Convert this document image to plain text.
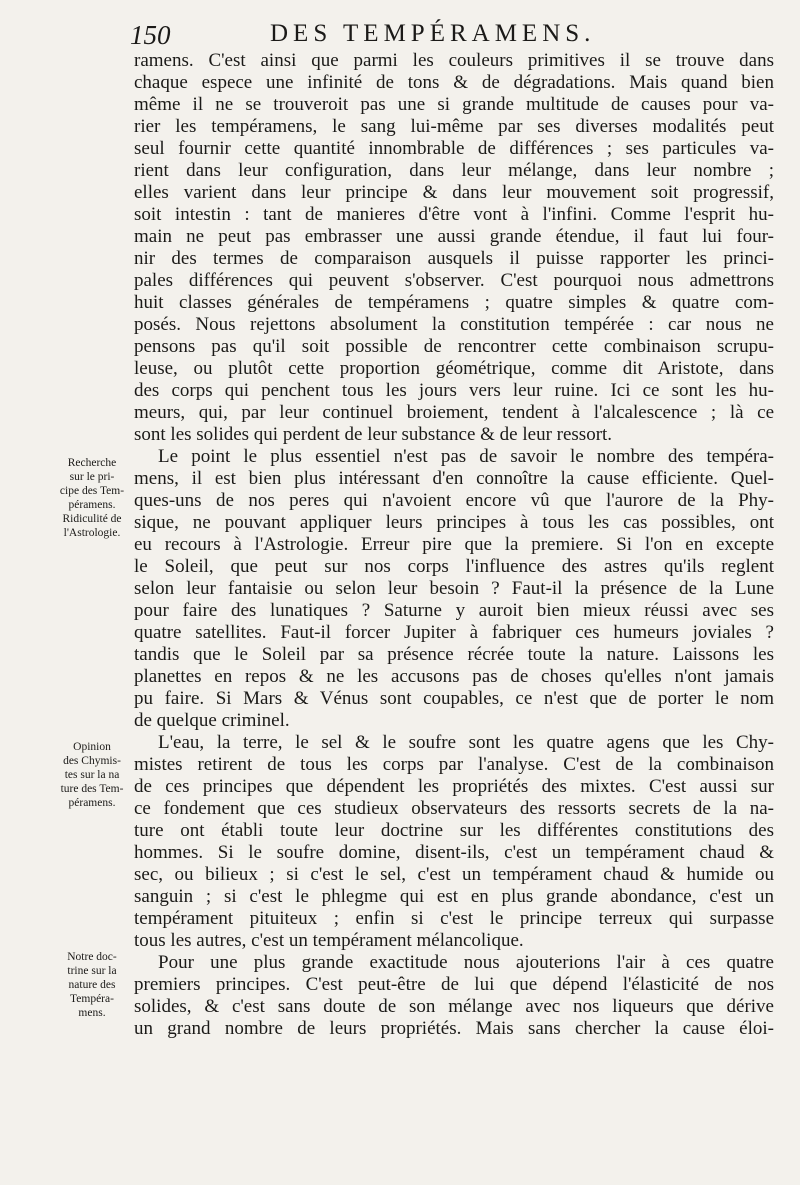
150	DES TEMPÉRAMENS.
ramens. C'est ainsi que parmi les couleurs primitives il se trouve dans
chaque espece une infinité de tons & de dégradations. Mais quand bien
même il ne se trouveroit pas une si grande multitude de causes pour va-
rier les tempéramens, le sang lui-même par ses diverses modalités peut
seul fournir cette quantité innombrable de différences ; ses particules va-
rient dans leur configuration, dans leur mélange, dans leur nombre ;
elles varient dans leur principe & dans leur mouvement soit progressif,
soit intestin : tant de manieres d'être vont à l'infini. Comme l'esprit hu-
main ne peut pas embrasser une aussi grande étendue, il faut lui four-
nir des termes de comparaison ausquels il puisse rapporter les princi-
pales différences qui peuvent s'observer. C'est pourquoi nous admettrons
huit classes générales de tempéramens ; quatre simples & quatre com-
posés. Nous rejettons absolument la constitution tempérée : car nous ne
pensons pas qu'il soit possible de rencontrer cette combinaison scrupu-
leuse, ou plutôt cette proportion géométrique, comme dit Aristote, dans
des corps qui penchent tous les jours vers leur ruine. Ici ce sont les hu-
meurs, qui, par leur continuel broiement, tendent à l'alcalescence ; là ce
sont les solides qui perdent de leur substance & de leur ressort.
Le point le plus essentiel n'est pas de savoir le nombre des tempéra-
mens, il est bien plus intéressant d'en connoître la cause efficiente. Quel-
ques-uns de nos peres qui n'avoient encore vû que l'aurore de la Phy-
sique, ne pouvant appliquer leurs principes à tous les cas possibles, ont
eu recours à l'Astrologie. Erreur pire que la premiere. Si l'on en excepte
le Soleil, que peut sur nos corps l'influence des astres qu'ils reglent
selon leur fantaisie ou selon leur besoin ? Faut-il la présence de la Lune
pour faire des lunatiques ? Saturne y auroit bien mieux réussi avec ses
quatre satellites. Faut-il forcer Jupiter à fabriquer ces humeurs joviales ?
tandis que le Soleil par sa présence récrée toute la nature. Laissons les
planettes en repos & ne les accusons pas de choses qu'elles n'ont jamais
pu faire. Si Mars & Vénus sont coupables, ce n'est que de porter le nom
de quelque criminel.
L'eau, la terre, le sel & le soufre sont les quatre agens que les Chy-
mistes retirent de tous les corps par l'analyse. C'est de la combinaison
de ces principes que dépendent les propriétés des mixtes. C'est aussi sur
ce fondement que ces studieux observateurs des ressorts secrets de la na-
ture ont établi toute leur doctrine sur les différentes constitutions des
hommes. Si le soufre domine, disent-ils, c'est un tempérament chaud &
sec, ou bilieux ; si c'est le sel, c'est un tempérament chaud & humide ou
sanguin ; si c'est le phlegme qui est en plus grande abondance, c'est un
tempérament pituiteux ; enfin si c'est le principe terreux qui surpasse
tous les autres, c'est un tempérament mélancolique.
Pour une plus grande exactitude nous ajouterions l'air à ces quatre
premiers principes. C'est peut-être de lui que dépend l'élasticité de nos
solides, & c'est sans doute de son mélange avec nos liqueurs que dérive
un grand nombre de leurs propriétés. Mais sans chercher la cause éloi-
Recherche
sur le pri-
cipe des Tem-
péramens.
Ridiculité de
l'Astrologie.
Opinion
des Chymis-
tes sur la na
ture des Tem-
péramens.
Notre doc-
trine sur la
nature des
Tempéra-
mens.
